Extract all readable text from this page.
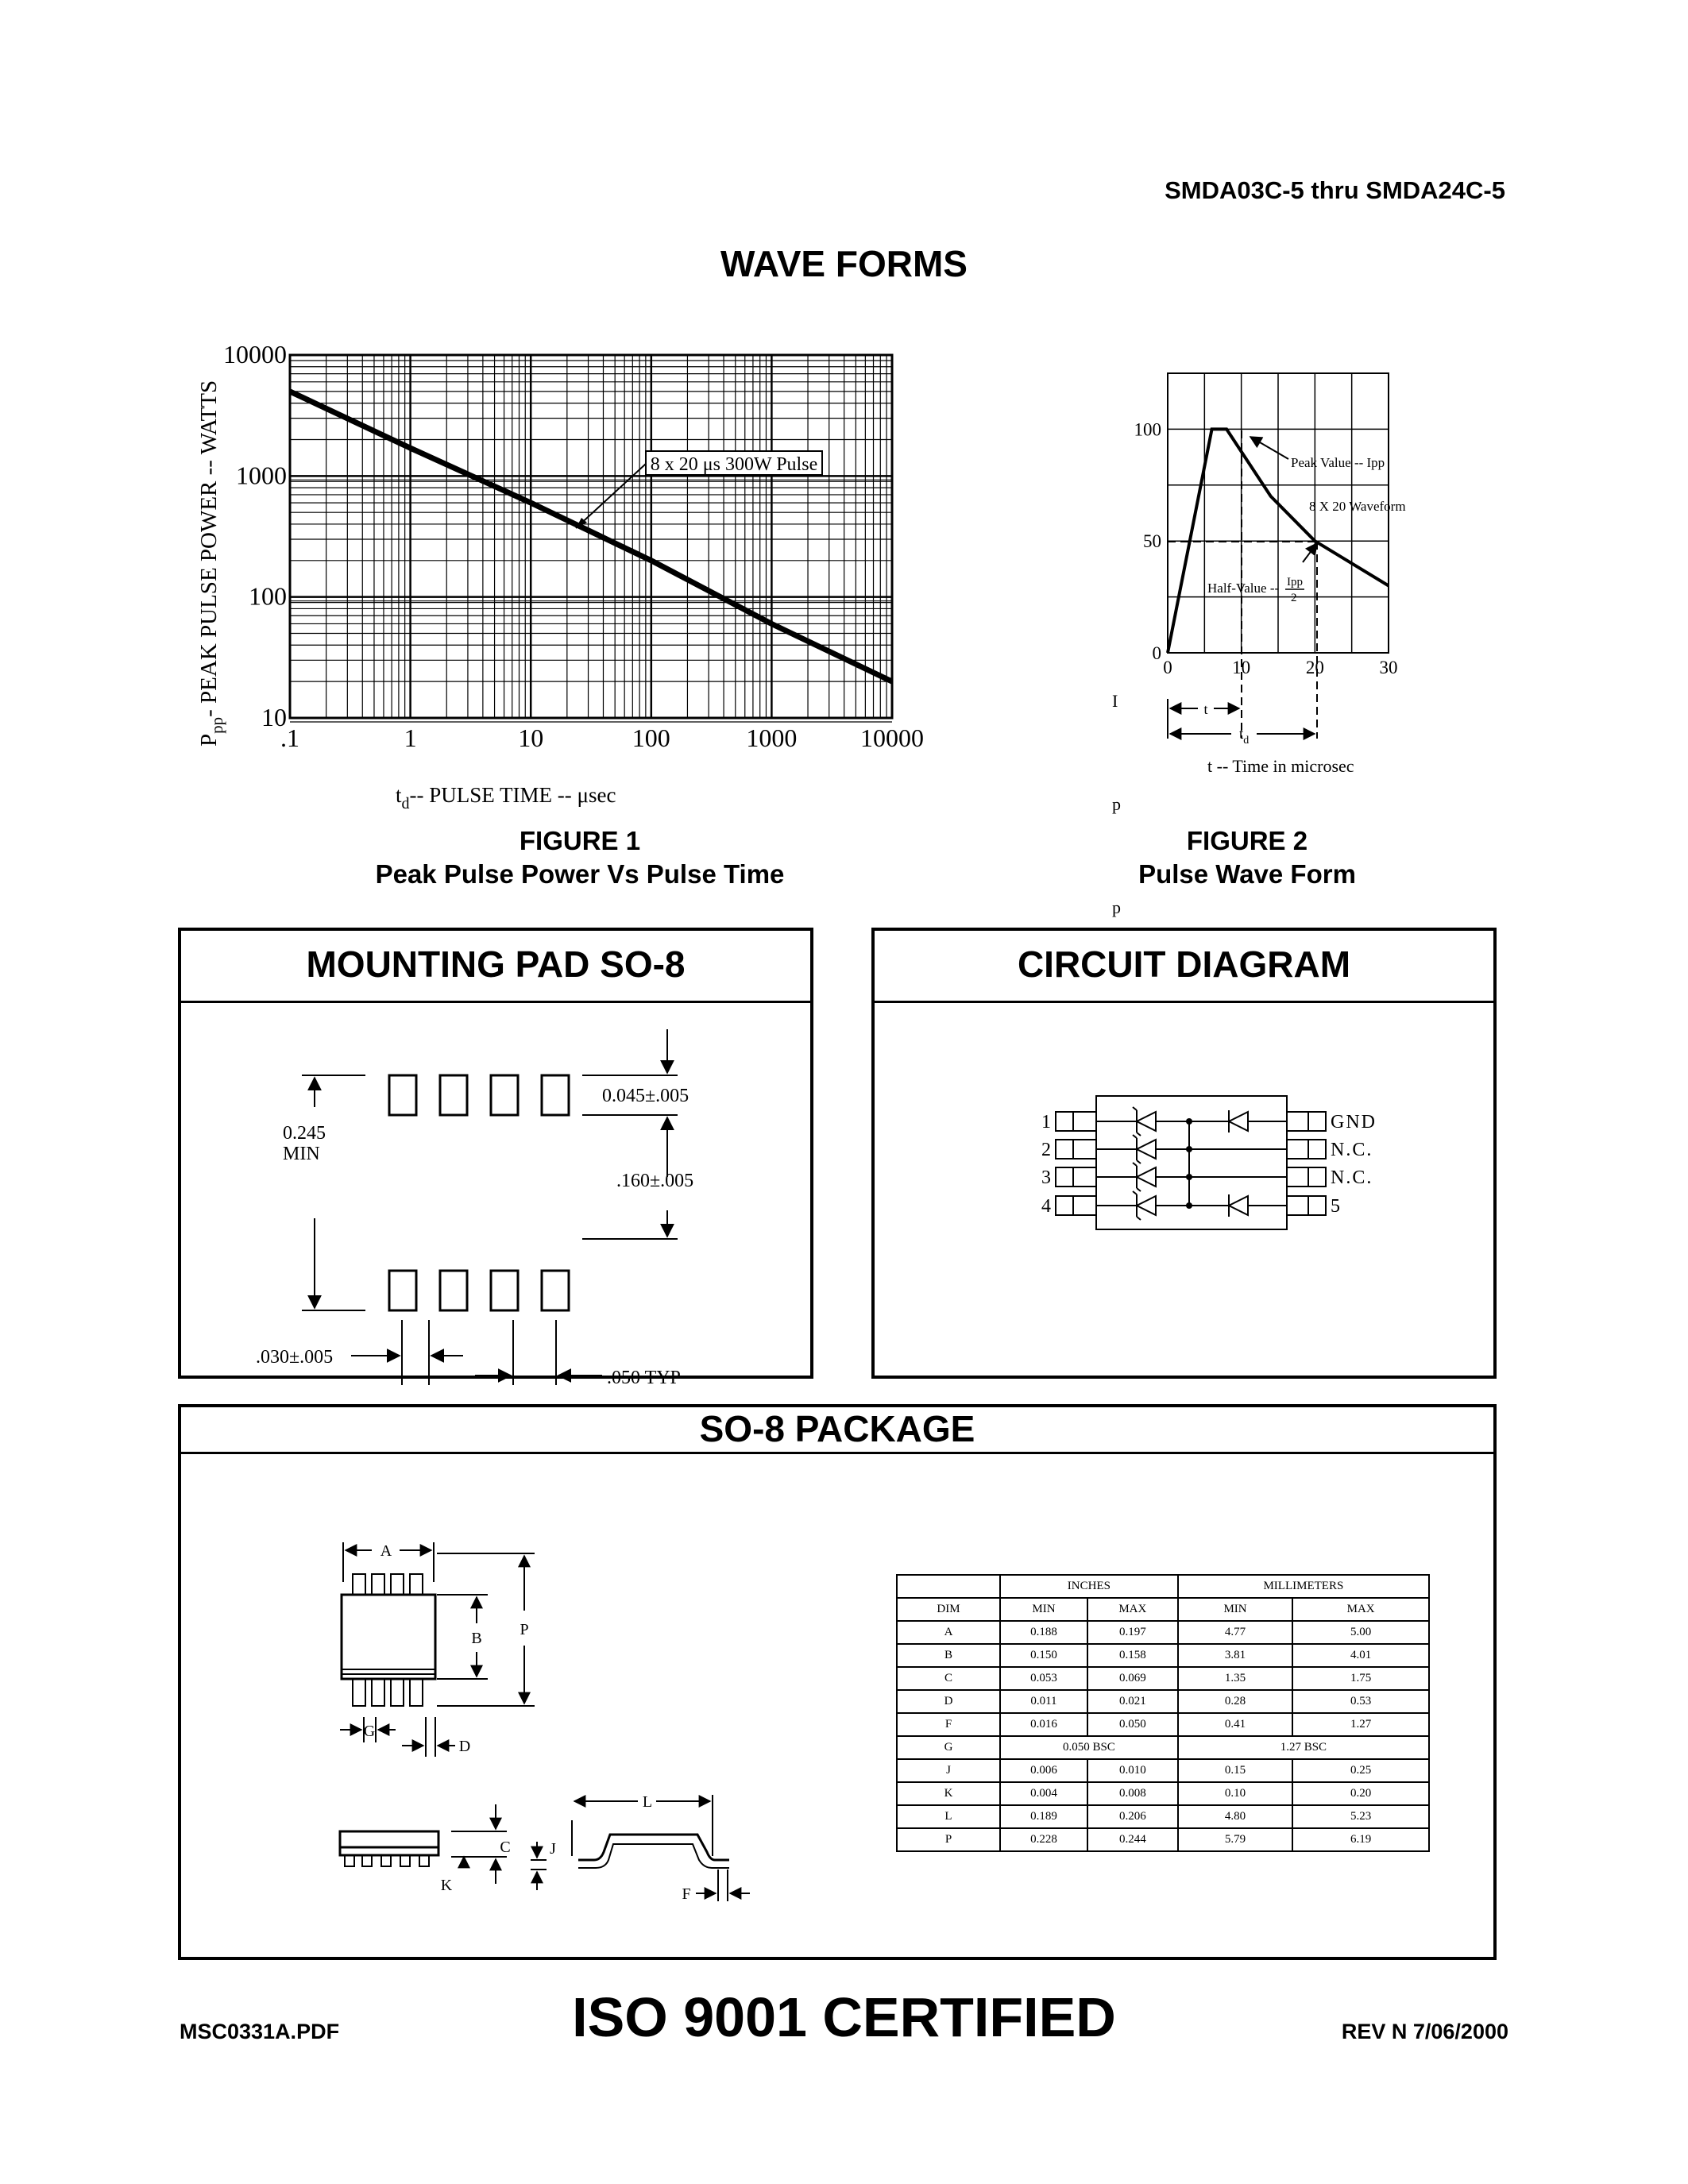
SMDA03C-5 thru SMDA24C-5
WAVE FORMS
.1	1	10	100	1000 10000
10
100
1000
10000
8 x 20 μs 300W Pulse
$P_{pp}-$ PEAK PULSE POWER -- WATTS
$t_d--$ PULSE TIME -- μsec
FIGURE 1
Peak Pulse Power Vs Pulse Time
0	10	20	30
0
50
100
Peak Value -- Ipp
8 X 20 Waveform
Half-Value -- Ipp
2
t
$t_d$
t -- Time in microsec
I
p
p
FIGURE 2
Pulse Wave Form
MOUNTING PAD SO-8
0.045±.005
0.245
MIN
.160±.005
.030±.005
.050 TYP
CIRCUIT DIAGRAM
1	GND
2	N.C.
3	N.C.
4	5
SO-8 PACKAGE
A
B P
G
D
L
C J
K	F
	INCHES		MILLIMETERS	
DIM	MIN	MAX	MIN	MAX
A	0.188	0.197	4.77	5.00
B	0.150	0.158	3.81	4.01
C	0.053	0.069	1.35	1.75
D	0.011	0.021	0.28	0.53
F	0.016	0.050	0.41	1.27
G	0.050 BSC		1.27 BSC	
J	0.006	0.010	0.15	0.25
K	0.004	0.008	0.10	0.20
L	0.189	0.206	4.80	5.23
P	0.228	0.244	5.79	6.19
MSC0331A.PDF	ISO 9001 CERTIFIED	REV N 7/06/2000
